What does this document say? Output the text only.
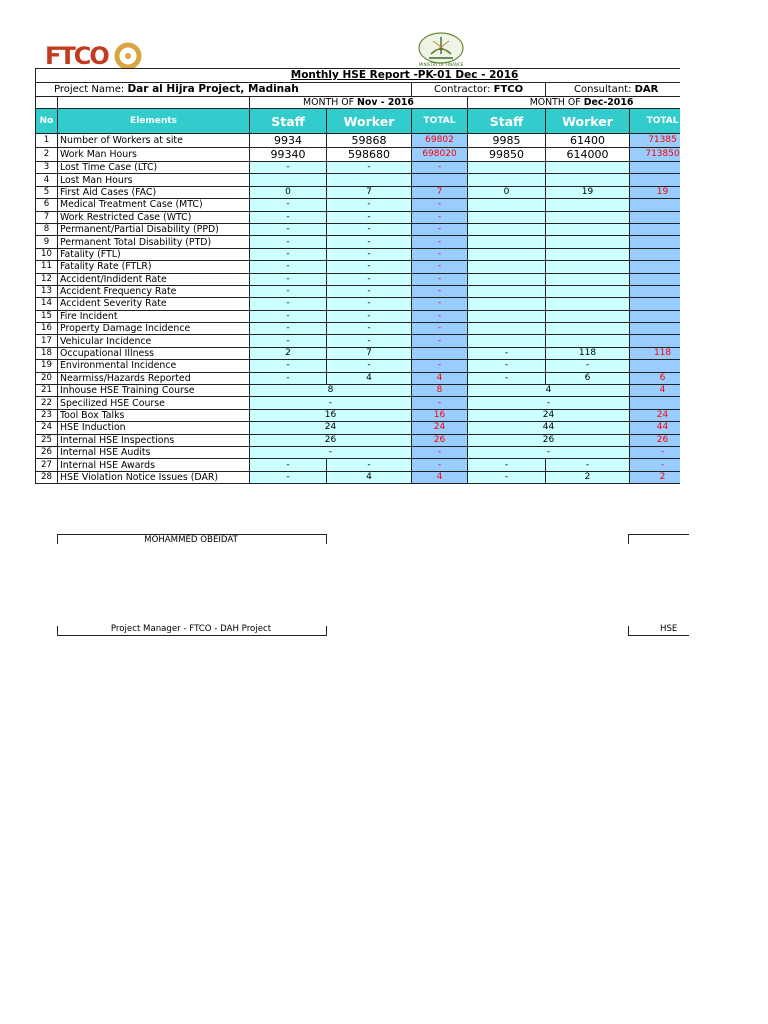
FTCO	MINISTRY OF FINANCE
Monthly HSE Report -PK-01 Dec - 2016							
Project Name: Dar al Hijra Project, Madinah				Contractor: FTCO		Consultant: DAR	
		MONTH OF Nov - 2016			MONTH OF Dec-2016		
No	Elements	Staff	Worker	TOTAL	Staff	Worker	TOTAL
1	Number of Workers at site	9934	59868	69802	9985	61400	71385
2	Work Man Hours	99340	598680	698020	99850	614000	713850
3	Lost Time Case (LTC)	-	-	-			
4	Lost Man Hours						
5	First Aid Cases (FAC)	0	7	7	0	19	19
6	Medical Treatment Case (MTC)	-	-	-			
7	Work Restricted Case (WTC)	-	-	-			
8	Permanent/Partial Disability (PPD)	-	-	-			
9	Permanent Total Disability (PTD)	-	-	-			
10	Fatality (FTL)	-	-	-			
11	Fatality Rate (FTLR)	-	-	-			
12	Accident/Indident Rate	-	-	-			
13	Accident Frequency Rate	-	-	-			
14	Accident Severity Rate	-	-	-			
15	Fire Incident	-	-	-			
16	Property Damage Incidence	-	-	-			
17	Vehicular Incidence	-	-	-			
18	Occupational Illness	2	7		-	118	118
19	Environmental Incidence	-	-	-	-	-	
20	Nearmiss/Hazards Reported	-	4	4	-	6	6
21	Inhouse HSE Training Course	8		8	4		4
22	Specilized HSE Course	-		-	-		
23	Tool Box Talks	16		16	24		24
24	HSE Induction	24		24	44		44
25	Internal HSE Inspections	26		26	26		26
26	Internal HSE Audits	-		-	-		-
27	Internal HSE Awards	-	-	-	-	-	-
28	HSE Violation Notice Issues (DAR)	-	4	4	-	2	2
MOHAMMED OBEIDAT
Project Manager - FTCO - DAH Project	HSE
